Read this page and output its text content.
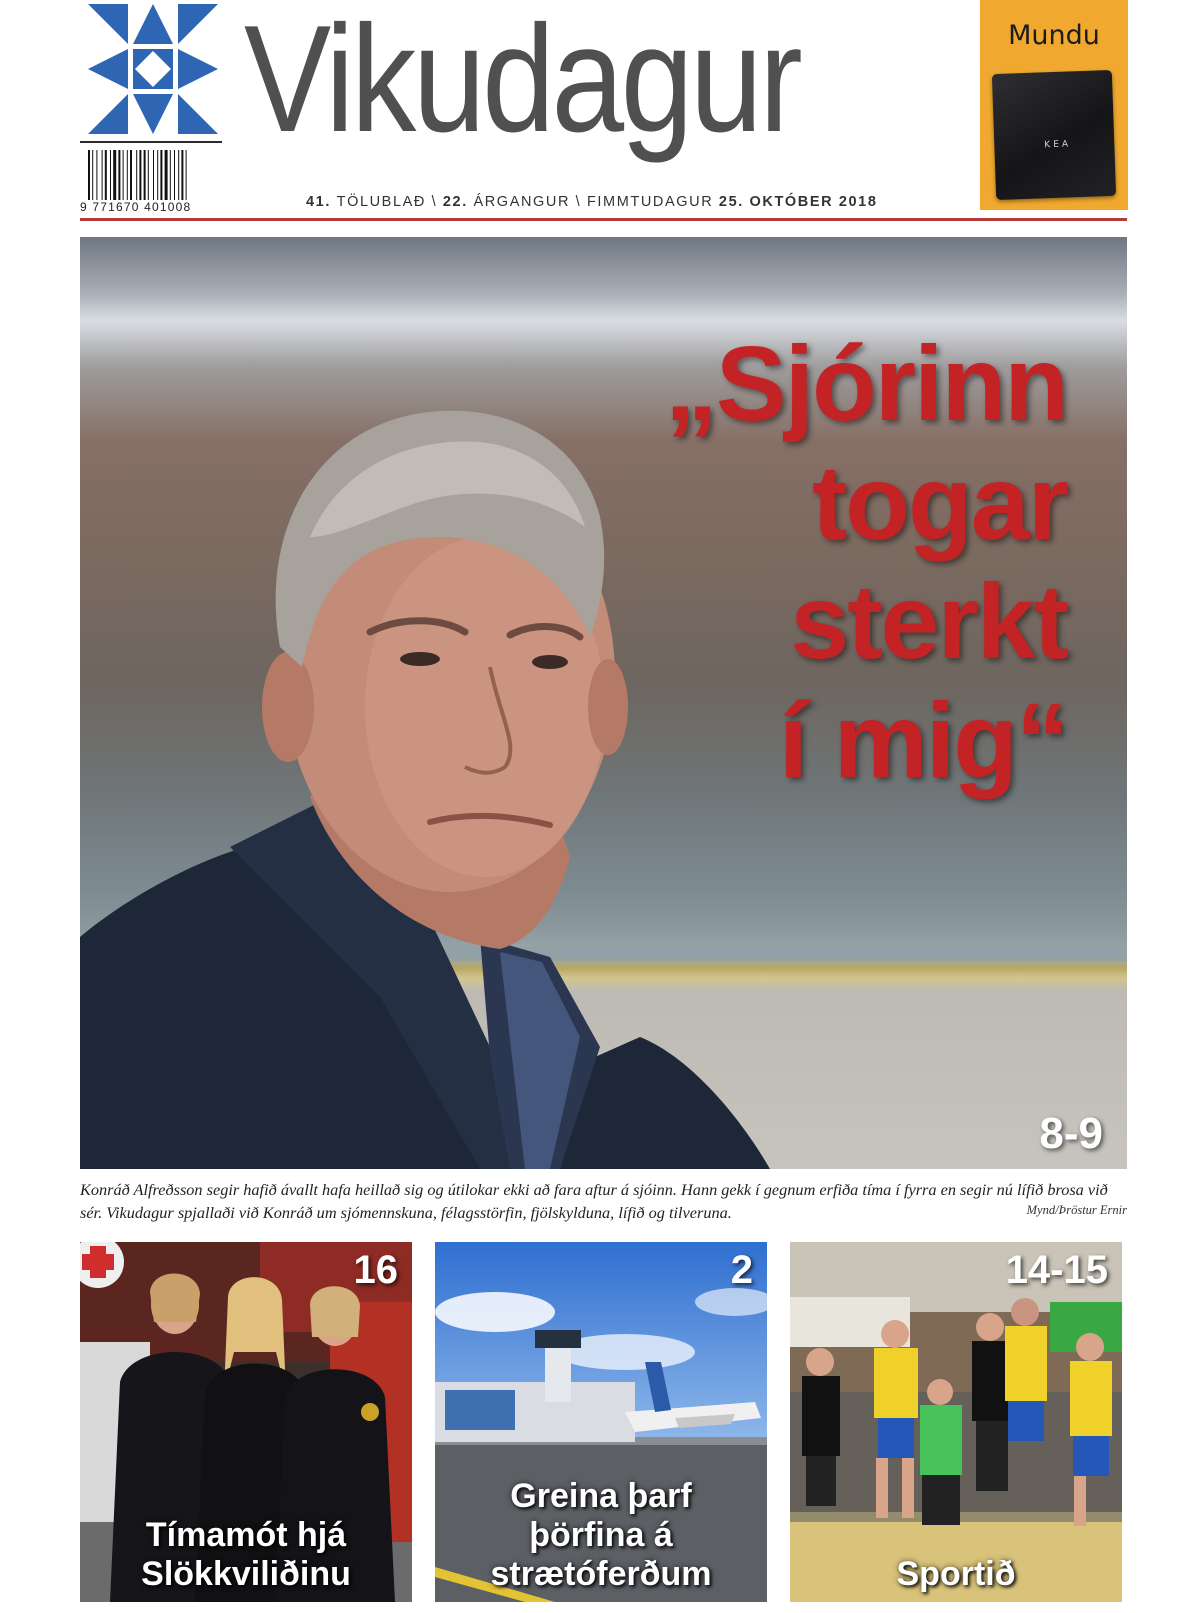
9 771670 401008
Vikudagur
41. TÖLUBLAÐ \ 22. ÁRGANGUR \ FIMMTUDAGUR 25. OKTÓBER 2018
Mundu
KEA
„Sjórinn
togar
sterkt
í mig“
8-9
Konráð Alfreðsson segir hafið ávallt hafa heillað sig og útilokar ekki að fara aftur á sjóinn. Hann gekk í gegnum erfiða tíma í fyrra en segir nú lífið brosa við sér. Vikudagur spjallaði við Konráð um sjómennskuna, félagsstörfin, fjölskylduna, lífið og tilveruna.	Mynd/Þröstur Ernir
16
Tímamót hjá
Slökkviliðinu
2
Greina þarf
þörfina á
strætóferðum
14-15
Sportið
